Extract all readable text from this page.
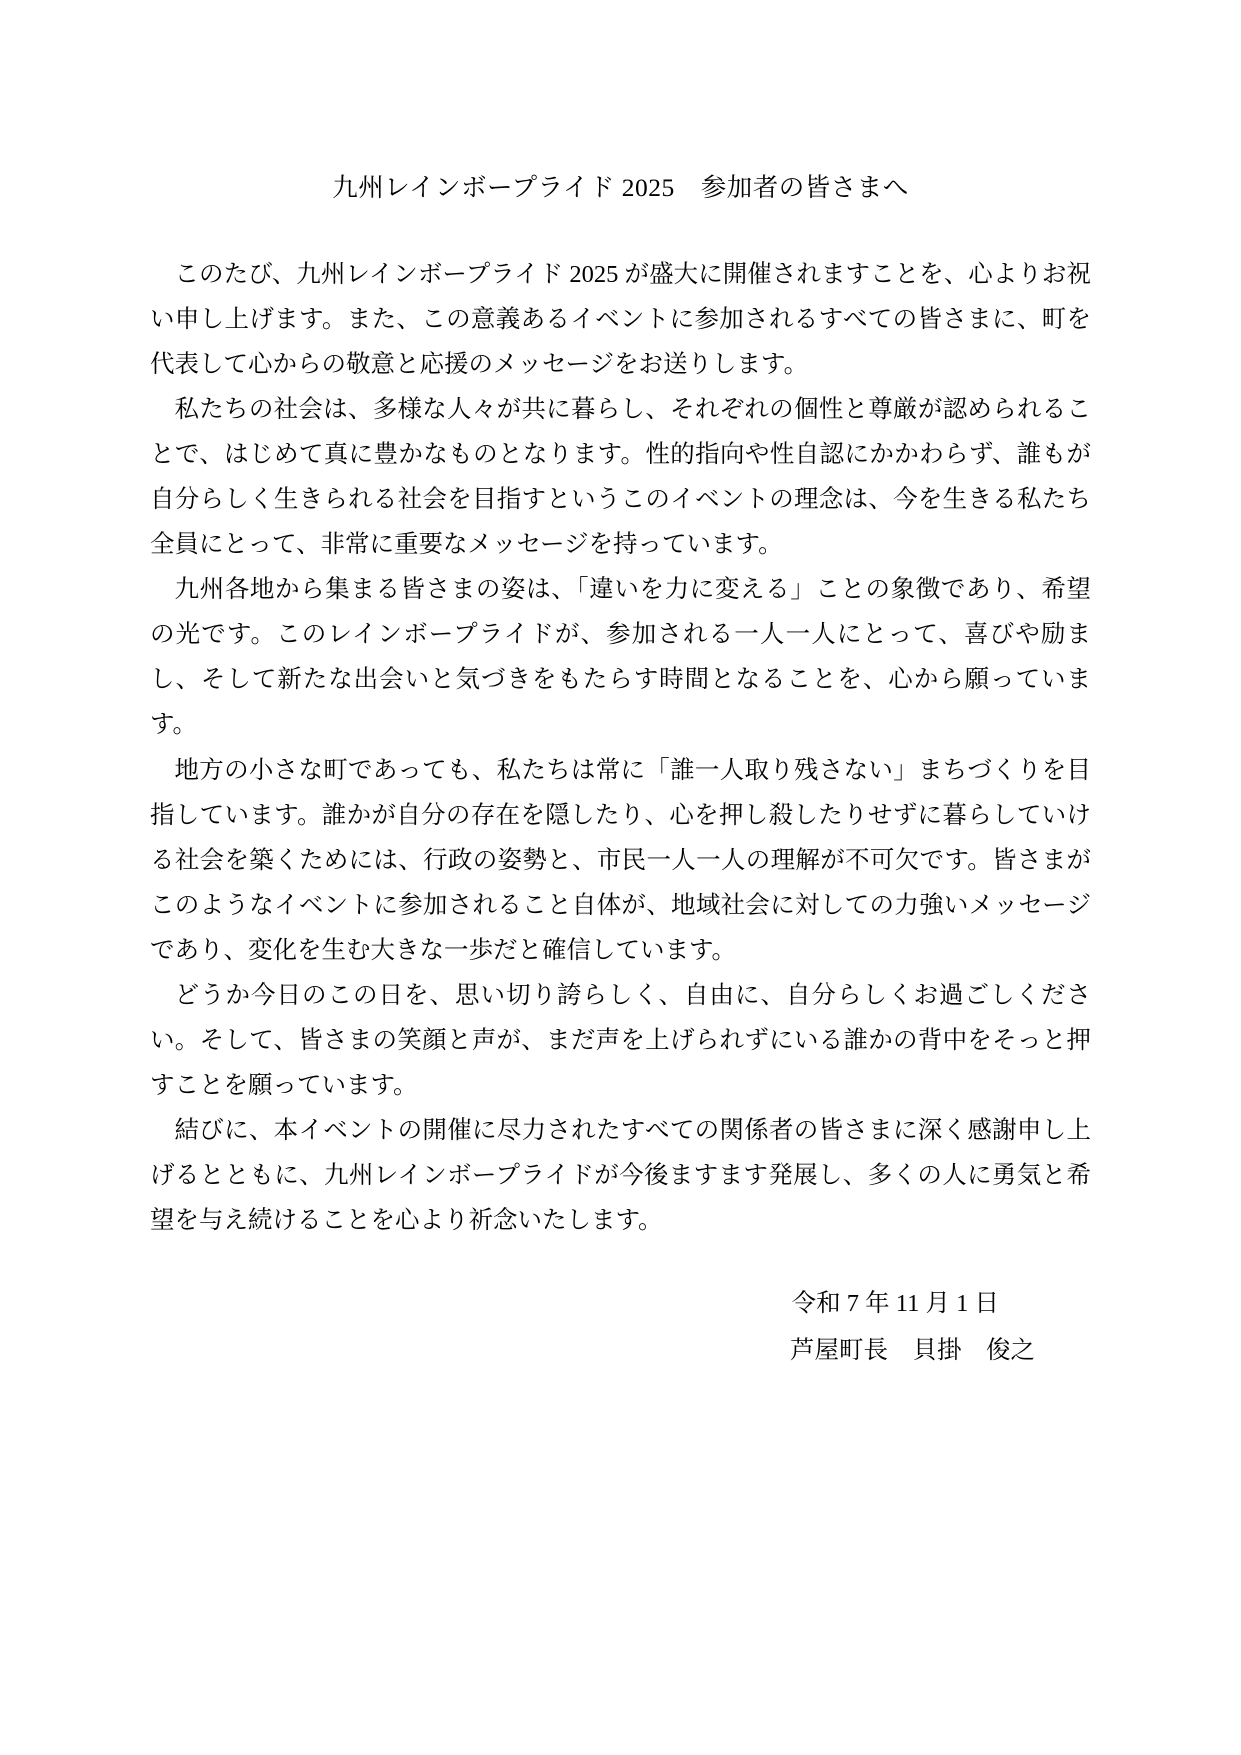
九州レインボープライド 2025　参加者の皆さまへ

このたび、九州レインボープライド 2025 が盛大に開催されますことを、心よりお祝い申し上げます。また、この意義あるイベントに参加されるすべての皆さまに、町を代表して心からの敬意と応援のメッセージをお送りします。

私たちの社会は、多様な人々が共に暮らし、それぞれの個性と尊厳が認められることで、はじめて真に豊かなものとなります。性的指向や性自認にかかわらず、誰もが自分らしく生きられる社会を目指すというこのイベントの理念は、今を生きる私たち全員にとって、非常に重要なメッセージを持っています。

九州各地から集まる皆さまの姿は、「違いを力に変える」ことの象徴であり、希望の光です。このレインボープライドが、参加される一人一人にとって、喜びや励まし、そして新たな出会いと気づきをもたらす時間となることを、心から願っています。

地方の小さな町であっても、私たちは常に「誰一人取り残さない」まちづくりを目指しています。誰かが自分の存在を隠したり、心を押し殺したりせずに暮らしていける社会を築くためには、行政の姿勢と、市民一人一人の理解が不可欠です。皆さまがこのようなイベントに参加されること自体が、地域社会に対しての力強いメッセージであり、変化を生む大きな一歩だと確信しています。

どうか今日のこの日を、思い切り誇らしく、自由に、自分らしくお過ごしください。そして、皆さまの笑顔と声が、まだ声を上げられずにいる誰かの背中をそっと押すことを願っています。

結びに、本イベントの開催に尽力されたすべての関係者の皆さまに深く感謝申し上げるとともに、九州レインボープライドが今後ますます発展し、多くの人に勇気と希望を与え続けることを心より祈念いたします。

令和 7 年 11 月 1 日
芦屋町長　貝掛　俊之
